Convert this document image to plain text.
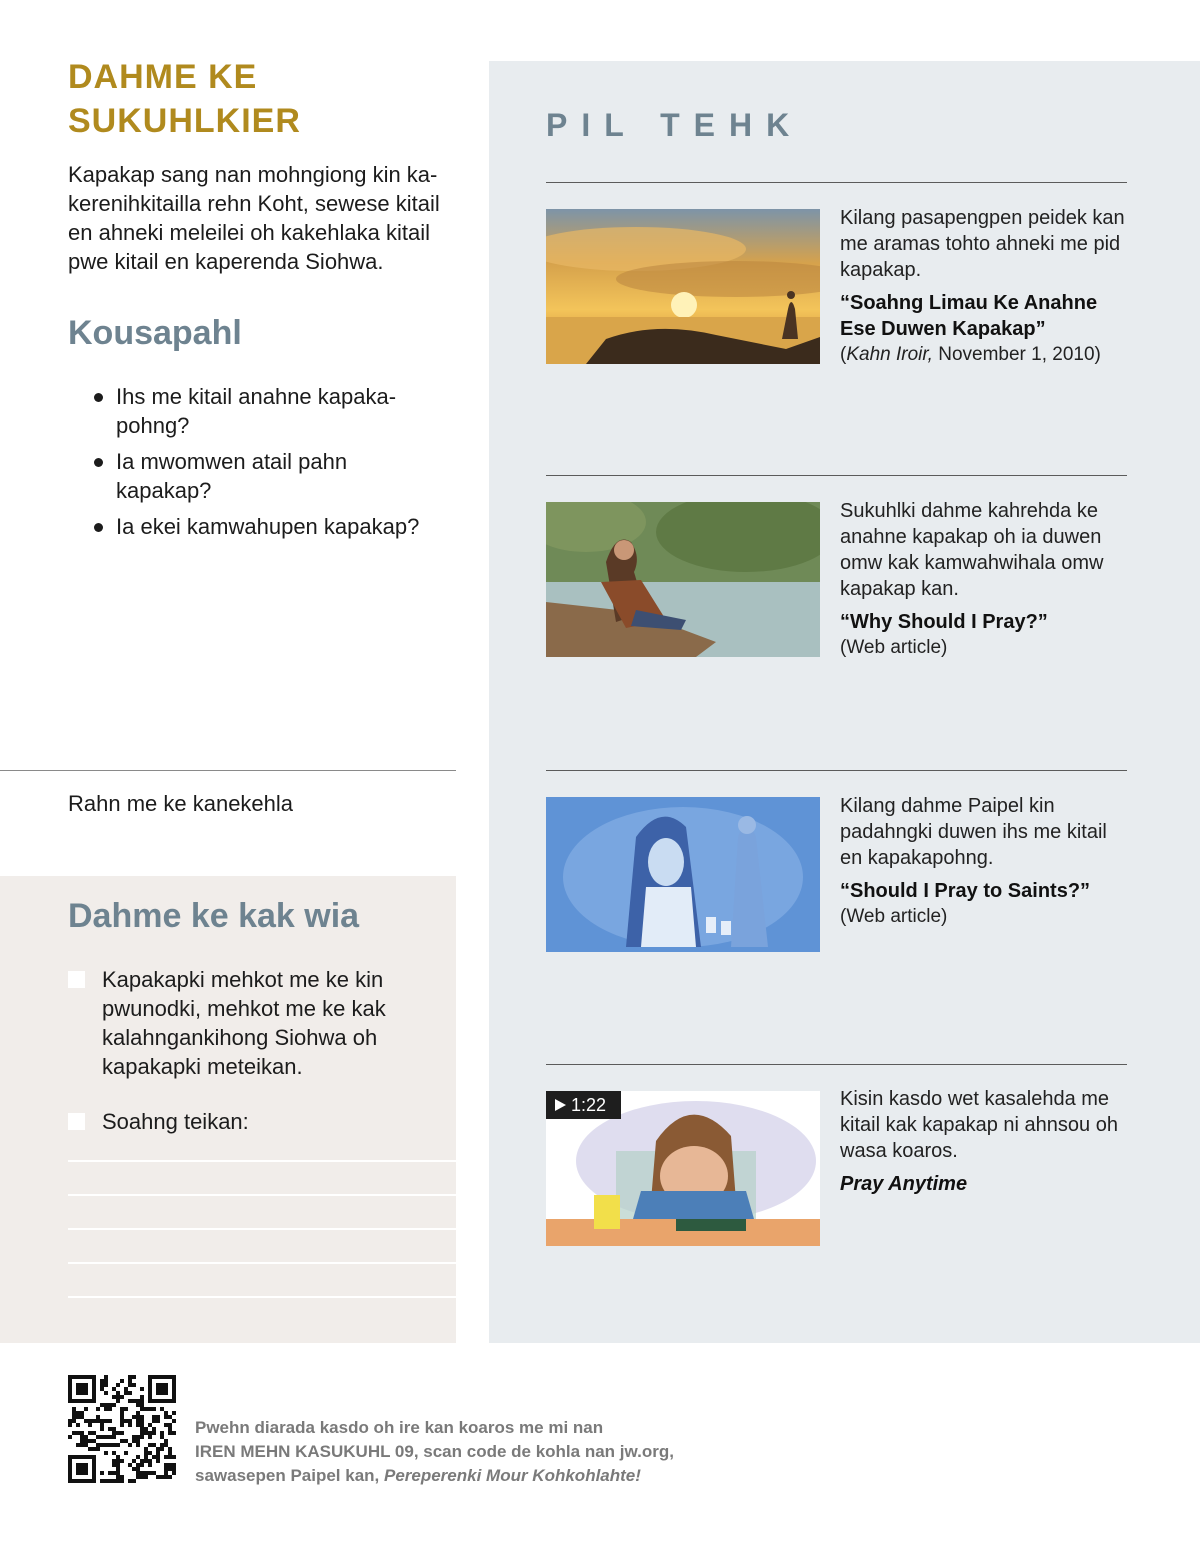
DAHME KE SUKUHLKIER

Kapakap sang nan mohngiong kin kakerenihkitailla rehn Koht, sewese kitail en ahneki meleilei oh kakehlaka kitail pwe kitail en kaperenda Siohwa.

Kousapahl
Ihs me kitail anahne kapakapohng?
Ia mwomwen atail pahn kapakap?
Ia ekei kamwahupen kapakap?

Rahn me ke kanekehla

Dahme ke kak wia
Kapakapki mehkot me ke kin pwunodki, mehkot me ke kak kalahngankihong Siohwa oh kapakapki meteikan.
Soahng teikan:
PIL TEHK
Kilang pasapengpen peidek kan me aramas tohto ahneki me pid kapakap.
“Soahng Limau Ke Anahne Ese Duwen Kapakap”
(Kahn Iroir, November 1, 2010)
Sukuhlki dahme kahrehda ke anahne kapakap oh ia duwen omw kak kamwahwihala omw kapakap kan.
“Why Should I Pray?”
(Web article)
Kilang dahme Paipel kin padahngki duwen ihs me kitail en kapakapohng.
“Should I Pray to Saints?”
(Web article)
1:22	Kisin kasdo wet kasalehda me kitail kak kapakap ni ahnsou oh wasa koaros.
Pray Anytime

Pwehn diarada kasdo oh ire kan koaros me mi nan
IREN MEHN KASUKUHL 09, scan code de kohla nan jw.org,
sawasepen Paipel kan, Pereperenki Mour Kohkohlahte!
